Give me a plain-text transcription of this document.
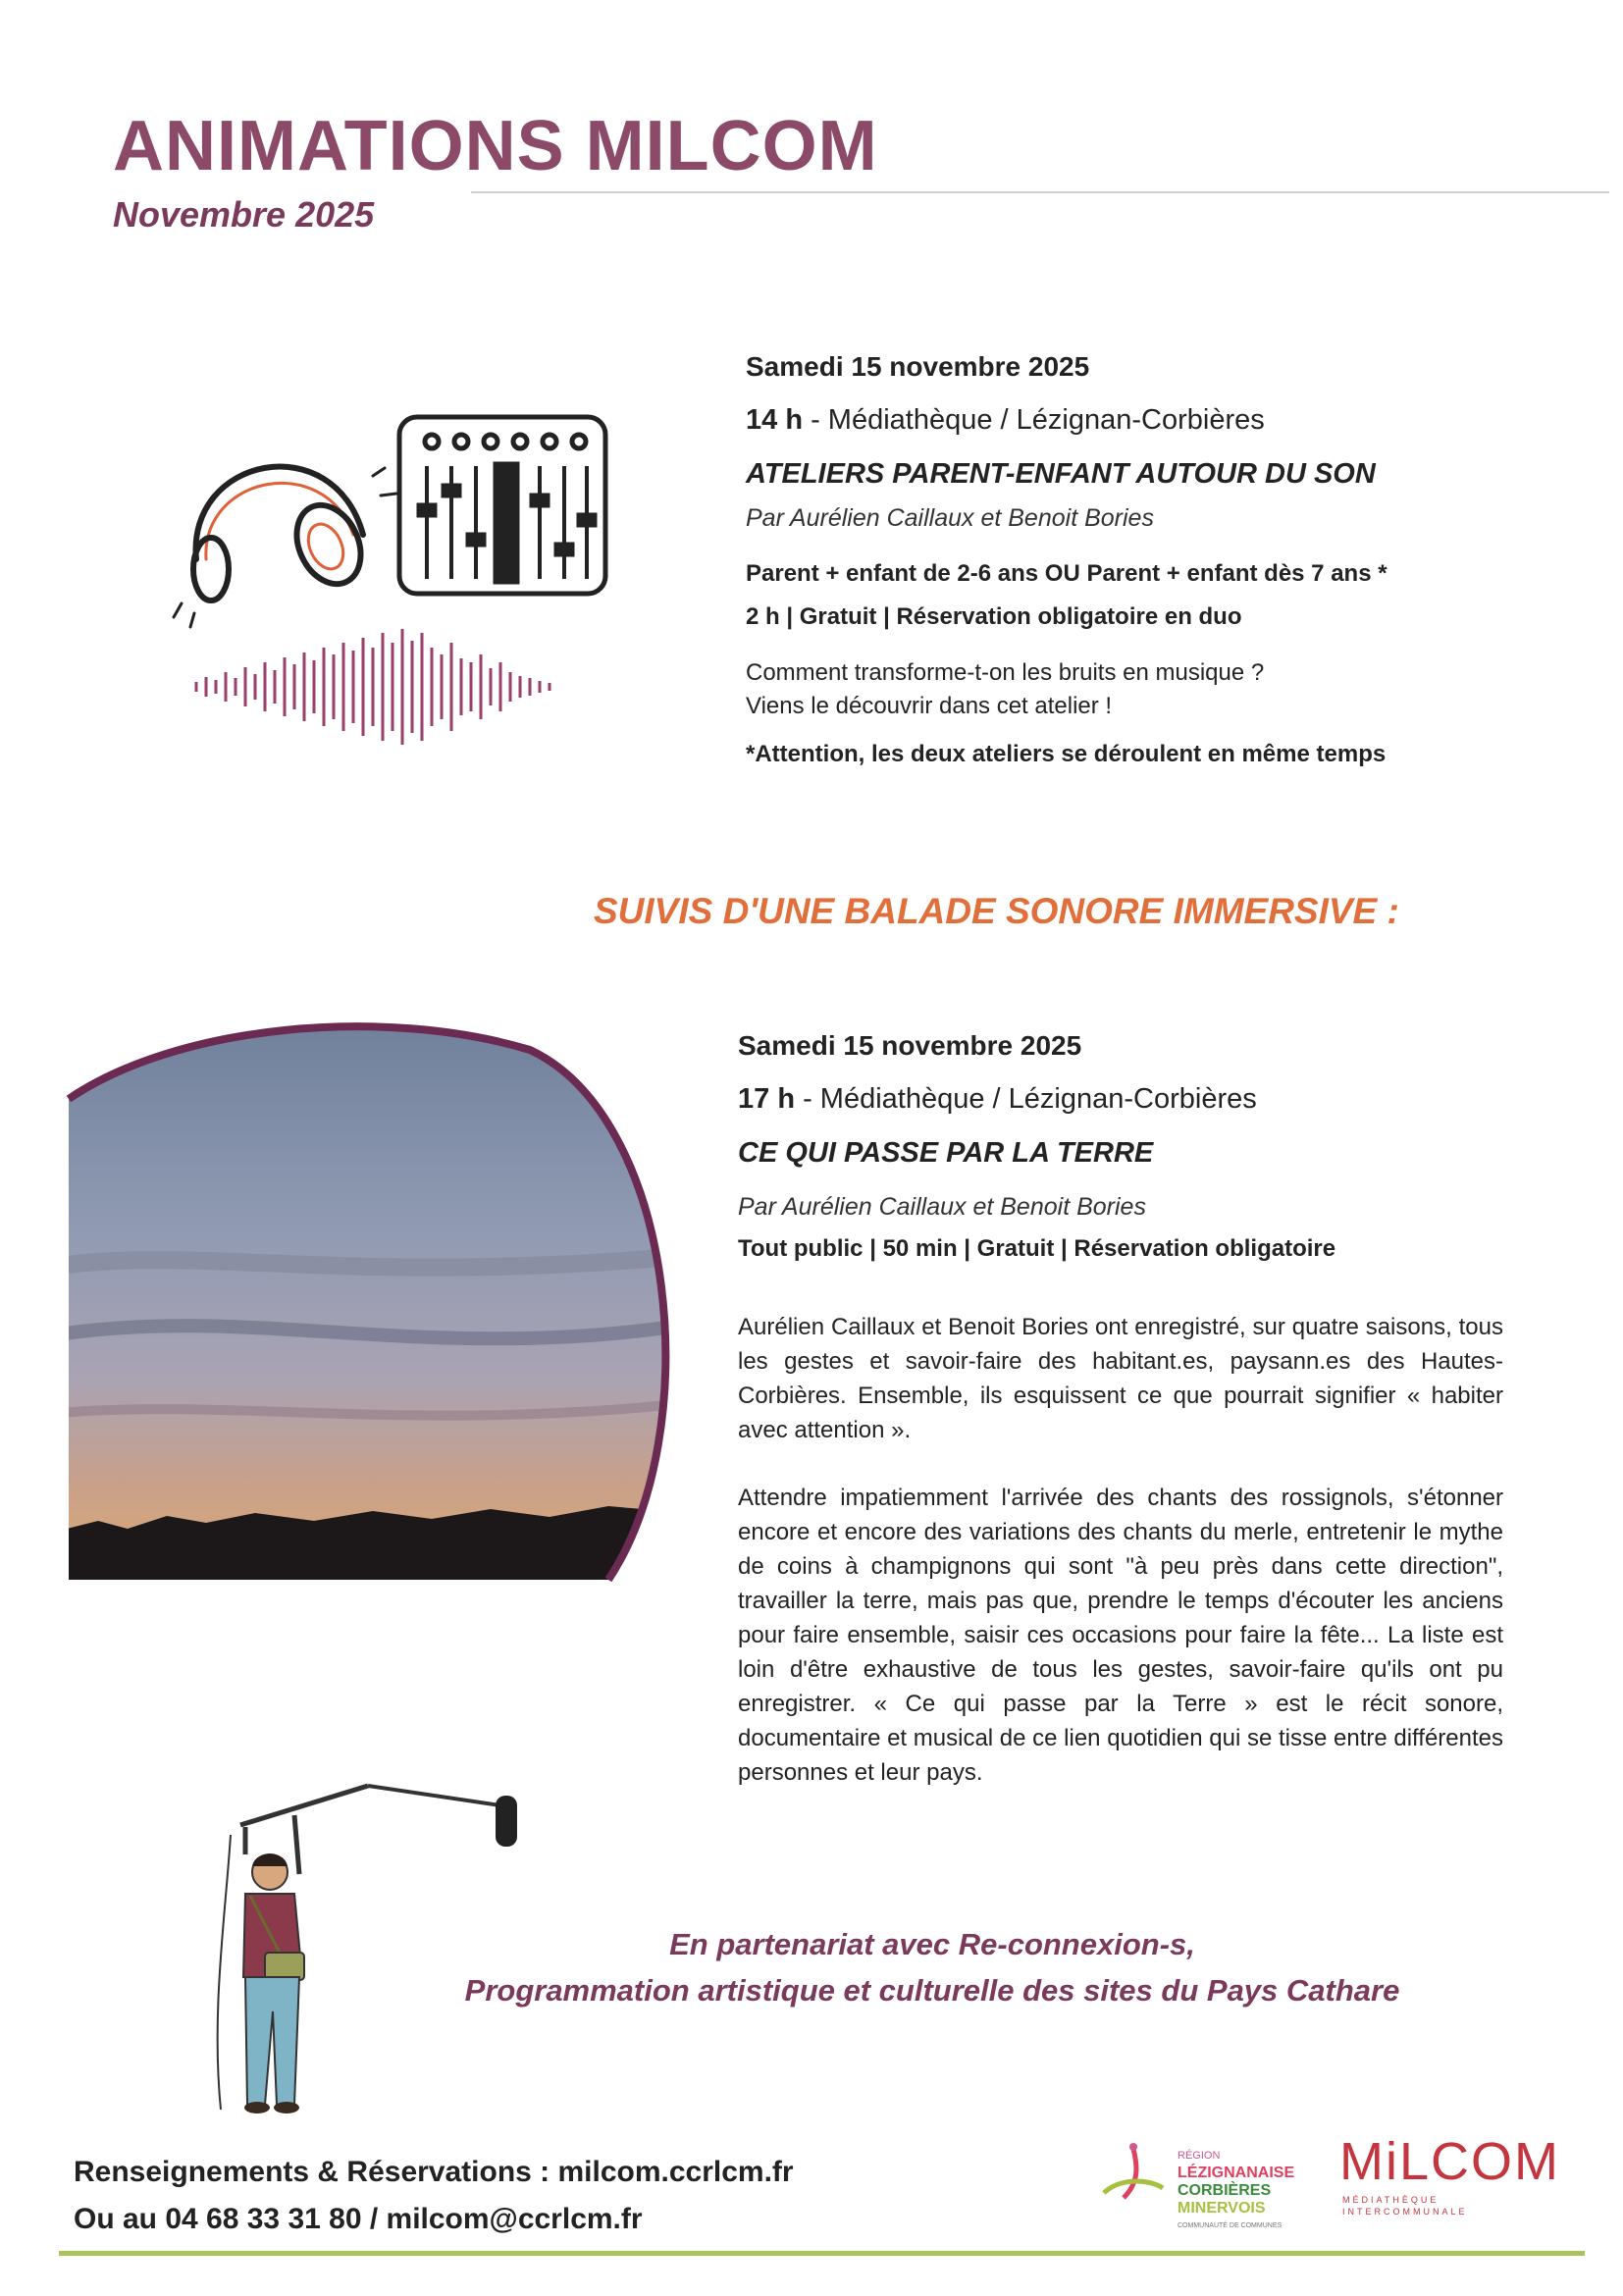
ANIMATIONS MILCOM
Novembre 2025
Samedi 15 novembre 2025
14 h - Médiathèque / Lézignan-Corbières
ATELIERS PARENT-ENFANT AUTOUR DU SON
Par Aurélien Caillaux et Benoit Bories
Parent + enfant de 2-6 ans OU Parent + enfant dès 7 ans *
2 h | Gratuit | Réservation obligatoire en duo
Comment transforme-t-on les bruits en musique ?
Viens le découvrir dans cet atelier !
*Attention, les deux ateliers se déroulent en même temps
SUIVIS D'UNE BALADE SONORE IMMERSIVE :
Samedi 15 novembre 2025
17 h - Médiathèque / Lézignan-Corbières
CE QUI PASSE PAR LA TERRE
Par Aurélien Caillaux et Benoit Bories
Tout public | 50 min | Gratuit | Réservation obligatoire
Aurélien Caillaux et Benoit Bories ont enregistré, sur quatre saisons, tous les gestes et savoir-faire des habitant.es, paysann.es des Hautes-Corbières. Ensemble, ils esquissent ce que pourrait signifier « habiter avec attention ».
Attendre impatiemment l'arrivée des chants des rossignols, s'étonner encore et encore des variations des chants du merle, entretenir le mythe de coins à champignons qui sont "à peu près dans cette direction", travailler la terre, mais pas que, prendre le temps d'écouter les anciens pour faire ensemble, saisir ces occasions pour faire la fête... La liste est loin d'être exhaustive de tous les gestes, savoir-faire qu'ils ont pu enregistrer. « Ce qui passe par la Terre » est le récit sonore, documentaire et musical de ce lien quotidien qui se tisse entre différentes personnes et leur pays.
En partenariat avec Re-connexion-s,
Programmation artistique et culturelle des sites du Pays Cathare
Renseignements & Réservations : milcom.ccrlcm.fr
Ou au 04 68 33 31 80 / milcom@ccrlcm.fr
RÉGION
LÉZIGNANAISE
CORBIÈRES
MINERVOIS
COMMUNAUTÉ DE COMMUNES
MiLCOM
MÉDIATHÈQUE
INTERCOMMUNALE
